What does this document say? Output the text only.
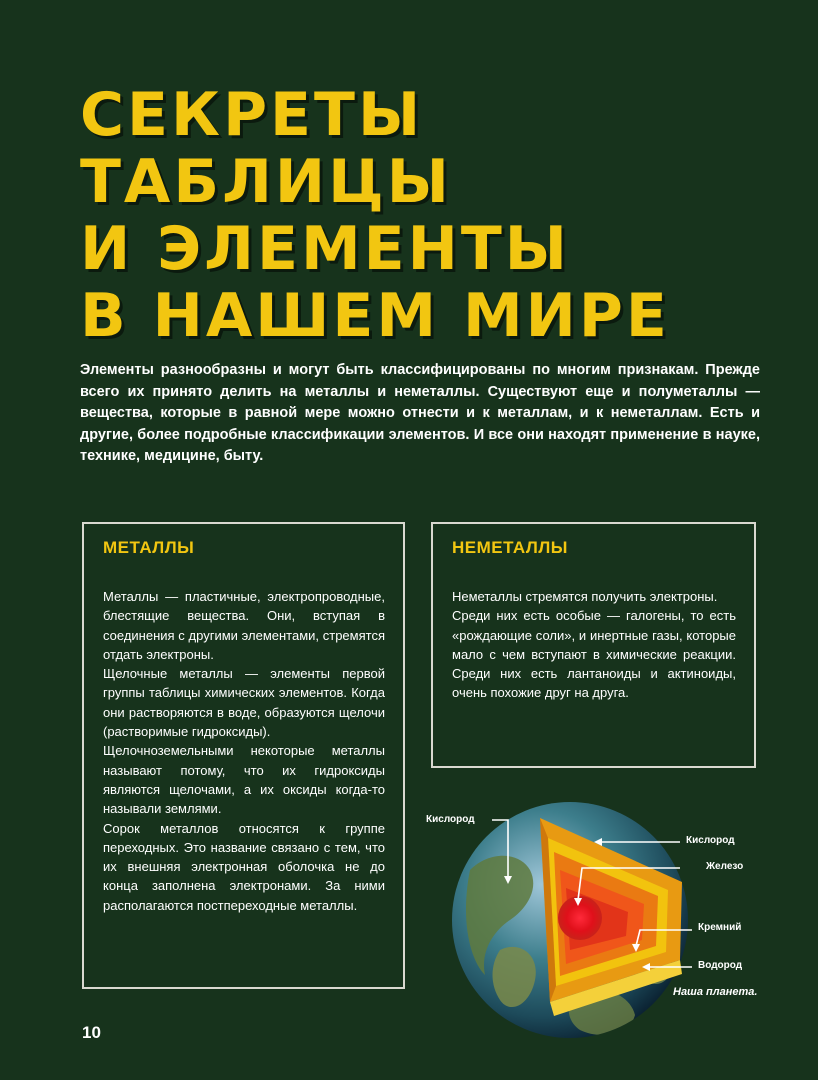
СЕКРЕТЫ
ТАБЛИЦЫ
И ЭЛЕМЕНТЫ
В НАШЕМ МИРЕ

Элементы разнообразны и могут быть классифицированы по многим признакам. Прежде всего их принято делить на металлы и неметаллы. Существуют еще и полуметаллы — вещества, которые в равной мере можно отнести и к металлам, и к неметаллам. Есть и другие, более подробные классификации элементов. И все они находят применение в науке, технике, медицине, быту.

МЕТАЛЛЫ

Металлы — пластичные, электропроводные, блестящие вещества. Они, вступая в соединения с другими элементами, стремятся отдать электроны.

Щелочные металлы — элементы первой группы таблицы химических элементов. Когда они растворяются в воде, образуются щелочи (растворимые гидроксиды).

Щелочноземельными некоторые металлы называют потому, что их гидроксиды являются щелочами, а их оксиды когда-то называли землями.

Сорок металлов относятся к группе переходных. Это название связано с тем, что их внешняя электронная оболочка не до конца заполнена электронами. За ними располагаются постпереходные металлы.

НЕМЕТАЛЛЫ

Неметаллы стремятся получить электроны.

Среди них есть особые — галогены, то есть «рождающие соли», и инертные газы, которые мало с чем вступают в химические реакции. Среди них есть лантаноиды и актиноиды, очень похожие друг на друга.

Кислород
Кислород
Железо
Кремний
Водород
Наша планета.
10
